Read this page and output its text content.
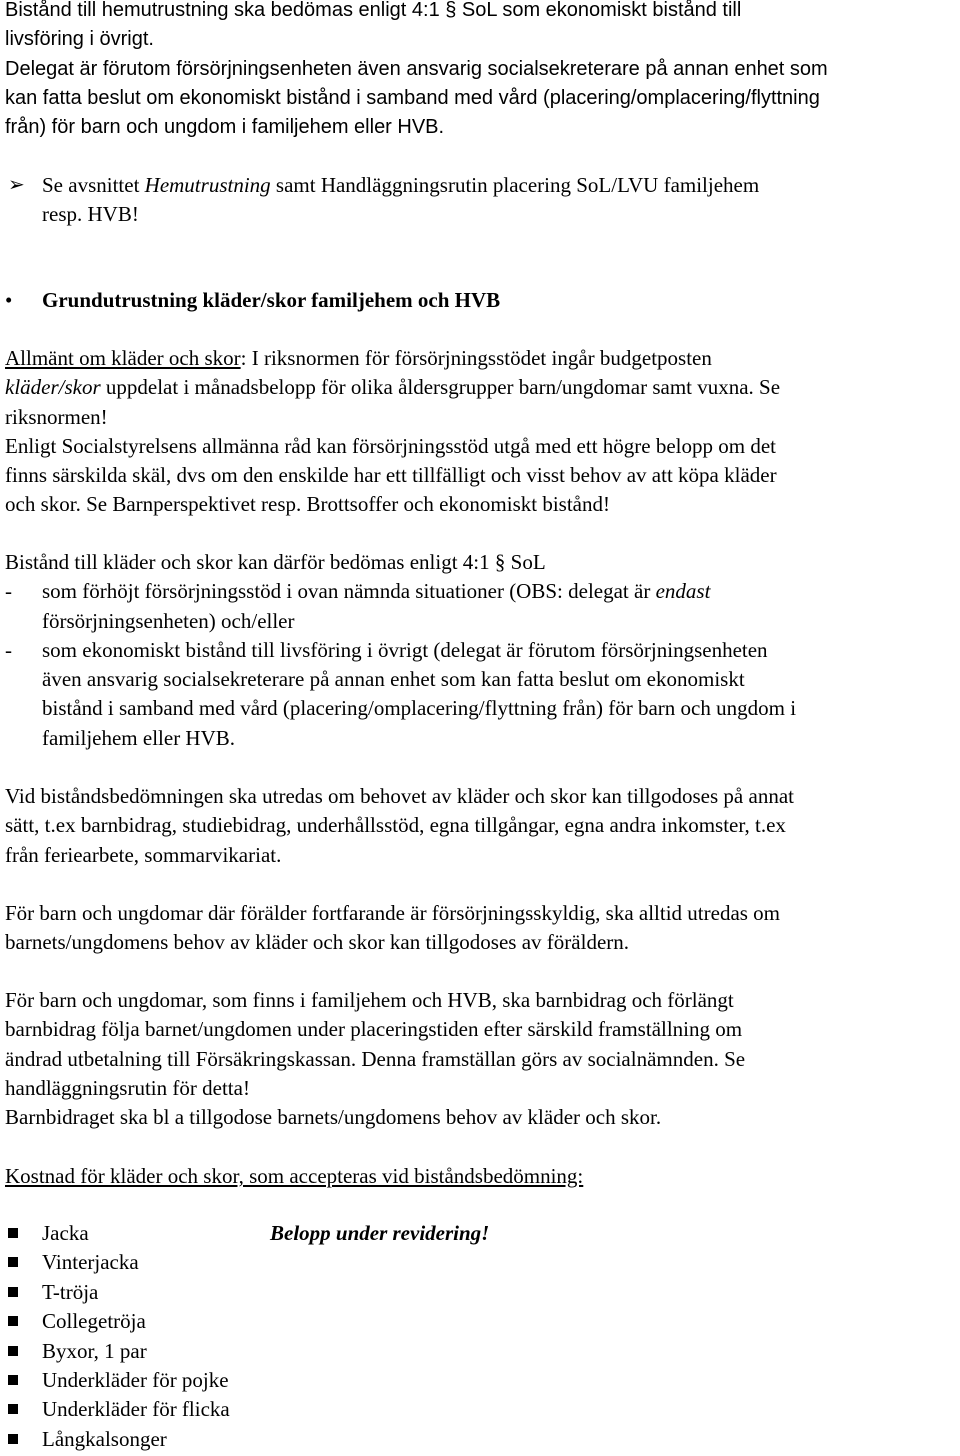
Bistånd till hemutrustning ska bedömas enligt 4:1 § SoL som ekonomiskt bistånd till
livsföring i övrigt.
Delegat är förutom försörjningsenheten även ansvarig socialsekreterare på annan enhet som
kan fatta beslut om ekonomiskt bistånd i samband med vård (placering/omplacering/flyttning
från) för barn och ungdom i familjehem eller HVB.
➢ Se avsnittet Hemutrustning samt Handläggningsrutin placering SoL/LVU familjehem
resp. HVB!
• Grundutrustning kläder/skor familjehem och HVB
Allmänt om kläder och skor: I riksnormen för försörjningsstödet ingår budgetposten
kläder/skor uppdelat i månadsbelopp för olika åldersgrupper barn/ungdomar samt vuxna. Se
riksnormen!
Enligt Socialstyrelsens allmänna råd kan försörjningsstöd utgå med ett högre belopp om det
finns särskilda skäl, dvs om den enskilde har ett tillfälligt och visst behov av att köpa kläder
och skor. Se Barnperspektivet resp. Brottsoffer och ekonomiskt bistånd!
Bistånd till kläder och skor kan därför bedömas enligt 4:1 § SoL
- som förhöjt försörjningsstöd i ovan nämnda situationer (OBS: delegat är endast
försörjningsenheten) och/eller
- som ekonomiskt bistånd till livsföring i övrigt (delegat är förutom försörjningsenheten
även ansvarig socialsekreterare på annan enhet som kan fatta beslut om ekonomiskt
bistånd i samband med vård (placering/omplacering/flyttning från) för barn och ungdom i
familjehem eller HVB.
Vid biståndsbedömningen ska utredas om behovet av kläder och skor kan tillgodoses på annat
sätt, t.ex barnbidrag, studiebidrag, underhållsstöd, egna tillgångar, egna andra inkomster, t.ex
från feriearbete, sommarvikariat.
För barn och ungdomar där förälder fortfarande är försörjningsskyldig, ska alltid utredas om
barnets/ungdomens behov av kläder och skor kan tillgodoses av föräldern.
För barn och ungdomar, som finns i familjehem och HVB, ska barnbidrag och förlängt
barnbidrag följa barnet/ungdomen under placeringstiden efter särskild framställning om
ändrad utbetalning till Försäkringskassan. Denna framställan görs av socialnämnden. Se
handläggningsrutin för detta!
Barnbidraget ska bl a tillgodose barnets/ungdomens behov av kläder och skor.
Kostnad för kläder och skor, som accepteras vid biståndsbedömning:
Belopp under revidering!
Jacka
Vinterjacka
T-tröja
Collegetröja
Byxor, 1 par
Underkläder för pojke
Underkläder för flicka
Långkalsonger
